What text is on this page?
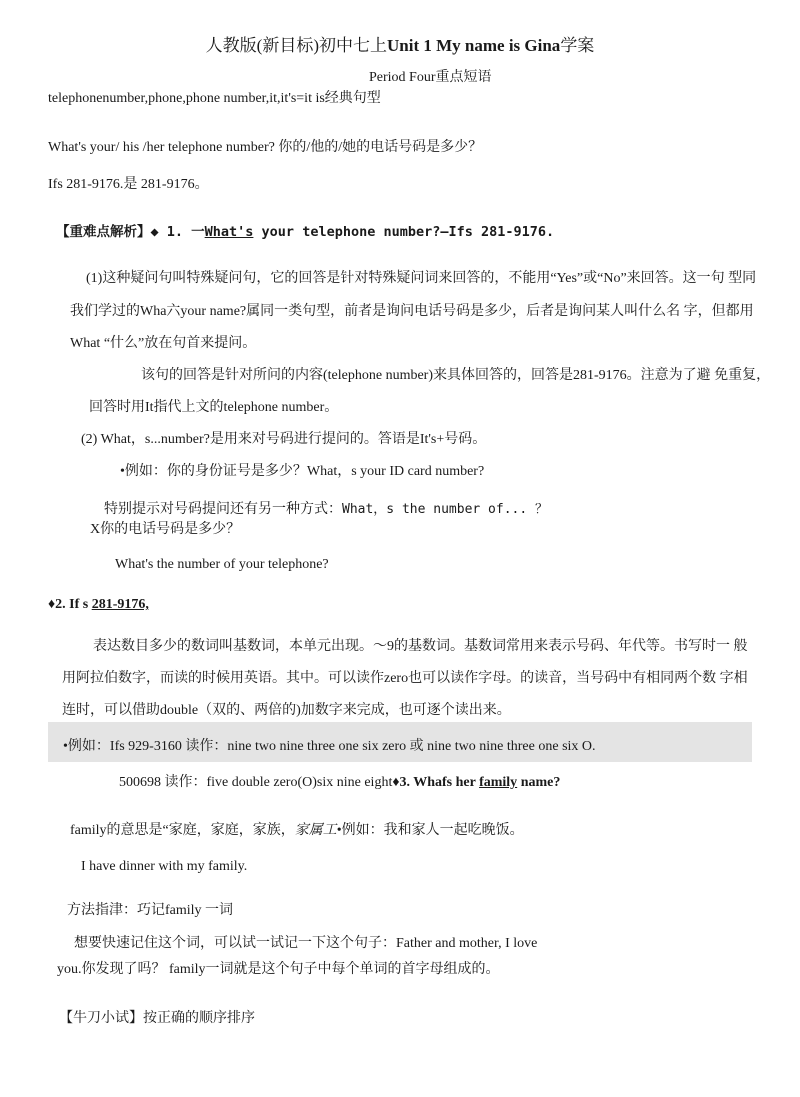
人教版(新目标)初中七上Unit 1 My name is Gina学案
Period Four重点短语
telephonenumber,phone,phone number,it,it's=it is经典句型
What's your/ his /her telephone number? 你的/他的/她的电话号码是多少？
Ifs 281-9176.是 281-9176。
【重难点解析】◆ 1. 一What's your telephone number?—Ifs 281-9176.
(1)这种疑问句叫特殊疑问句，它的回答是针对特殊疑问词来回答的，不能用“Yes”或“No”来回答。这一句 型同
我们学过的Wha六your name?属同一类句型，前者是询问电话号码是多少，后者是询问某人叫什么名 字，但都用
What “什么”放在句首来提问。
该句的回答是针对所问的内容(telephone number)来具体回答的，回答是281-9176。注意为了避 免重复，
回答时用It指代上文的telephone number。
(2) What，s...number?是用来对号码进行提问的。答语是It's+号码。
•例如：你的身份证号是多少？What，s your ID card number?
特别提示对号码提问还有另一种方式：What，s the number of... ？
X你的电话号码是多少？
What's the number of your telephone?
♦2. If s 281-9176,
表达数目多少的数词叫基数词，本单元出现。〜9的基数词。基数词常用来表示号码、年代等。书写时一 般
用阿拉伯数字，而读的时候用英语。其中。可以读作zero也可以读作字母。的读音，当号码中有相同两个数 字相
连时，可以借助double（双的、两倍的)加数字来完成，也可逐个读出来。
•例如：Ifs 929-3160 读作：nine two nine three one six zero 或 nine two nine three one six O.
500698 读作：five double zero(O)six nine eight♦3. Whafs her family name?
family的意思是“家庭，家庭，家族，家属工•例如：我和家人一起吃晚饭。
I have dinner with my family.
方法指津：巧记family 一词
想要快速记住这个词，可以试一试记一下这个句子：Father and mother, I love
you.你发现了吗？ family一词就是这个句子中每个单词的首字母组成的。
【牛刀小试】按正确的顺序排序
